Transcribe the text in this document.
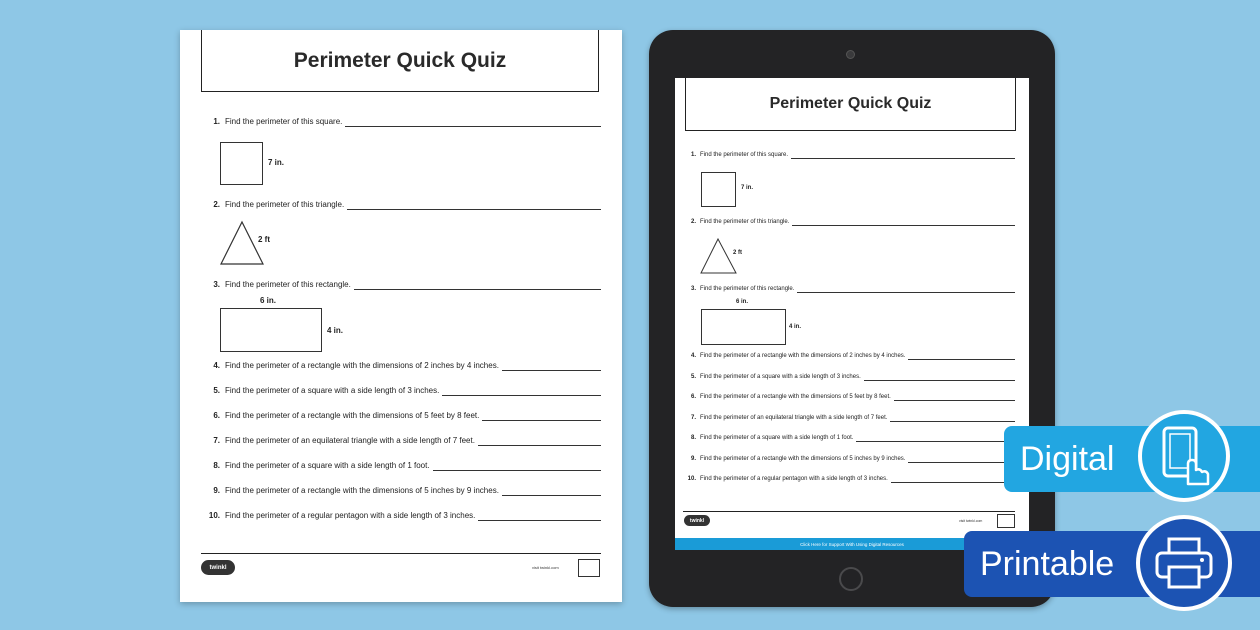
Perimeter Quick Quiz
1. Find the perimeter of this square.
7 in.
2. Find the perimeter of this triangle.
2 ft
3. Find the perimeter of this rectangle.
6 in.
4 in.
4. Find the perimeter of a rectangle with the dimensions of 2 inches by 4 inches.
5. Find the perimeter of a square with a side length of 3 inches.
6. Find the perimeter of a rectangle with the dimensions of 5 feet by 8 feet.
7. Find the perimeter of an equilateral triangle with a side length of 7 feet.
8. Find the perimeter of a square with a side length of 1 foot.
9. Find the perimeter of a rectangle with the dimensions of 5 inches by 9 inches.
10. Find the perimeter of a regular pentagon with a side length of 3 inches.
twinkl	visit twinkl.com
Perimeter Quick Quiz
1. Find the perimeter of this square.
7 in.
2. Find the perimeter of this triangle.
2 ft
3. Find the perimeter of this rectangle.
6 in.
4 in.
4. Find the perimeter of a rectangle with the dimensions of 2 inches by 4 inches.
5. Find the perimeter of a square with a side length of 3 inches.
6. Find the perimeter of a rectangle with the dimensions of 5 feet by 8 feet.
7. Find the perimeter of an equilateral triangle with a side length of 7 feet.
8. Find the perimeter of a square with a side length of 1 foot.
9. Find the perimeter of a rectangle with the dimensions of 5 inches by 9 inches.
10. Find the perimeter of a regular pentagon with a side length of 3 inches.
twinkl	visit twinkl.com
Click Here for Support With Using Digital Resources
Digital
Printable
